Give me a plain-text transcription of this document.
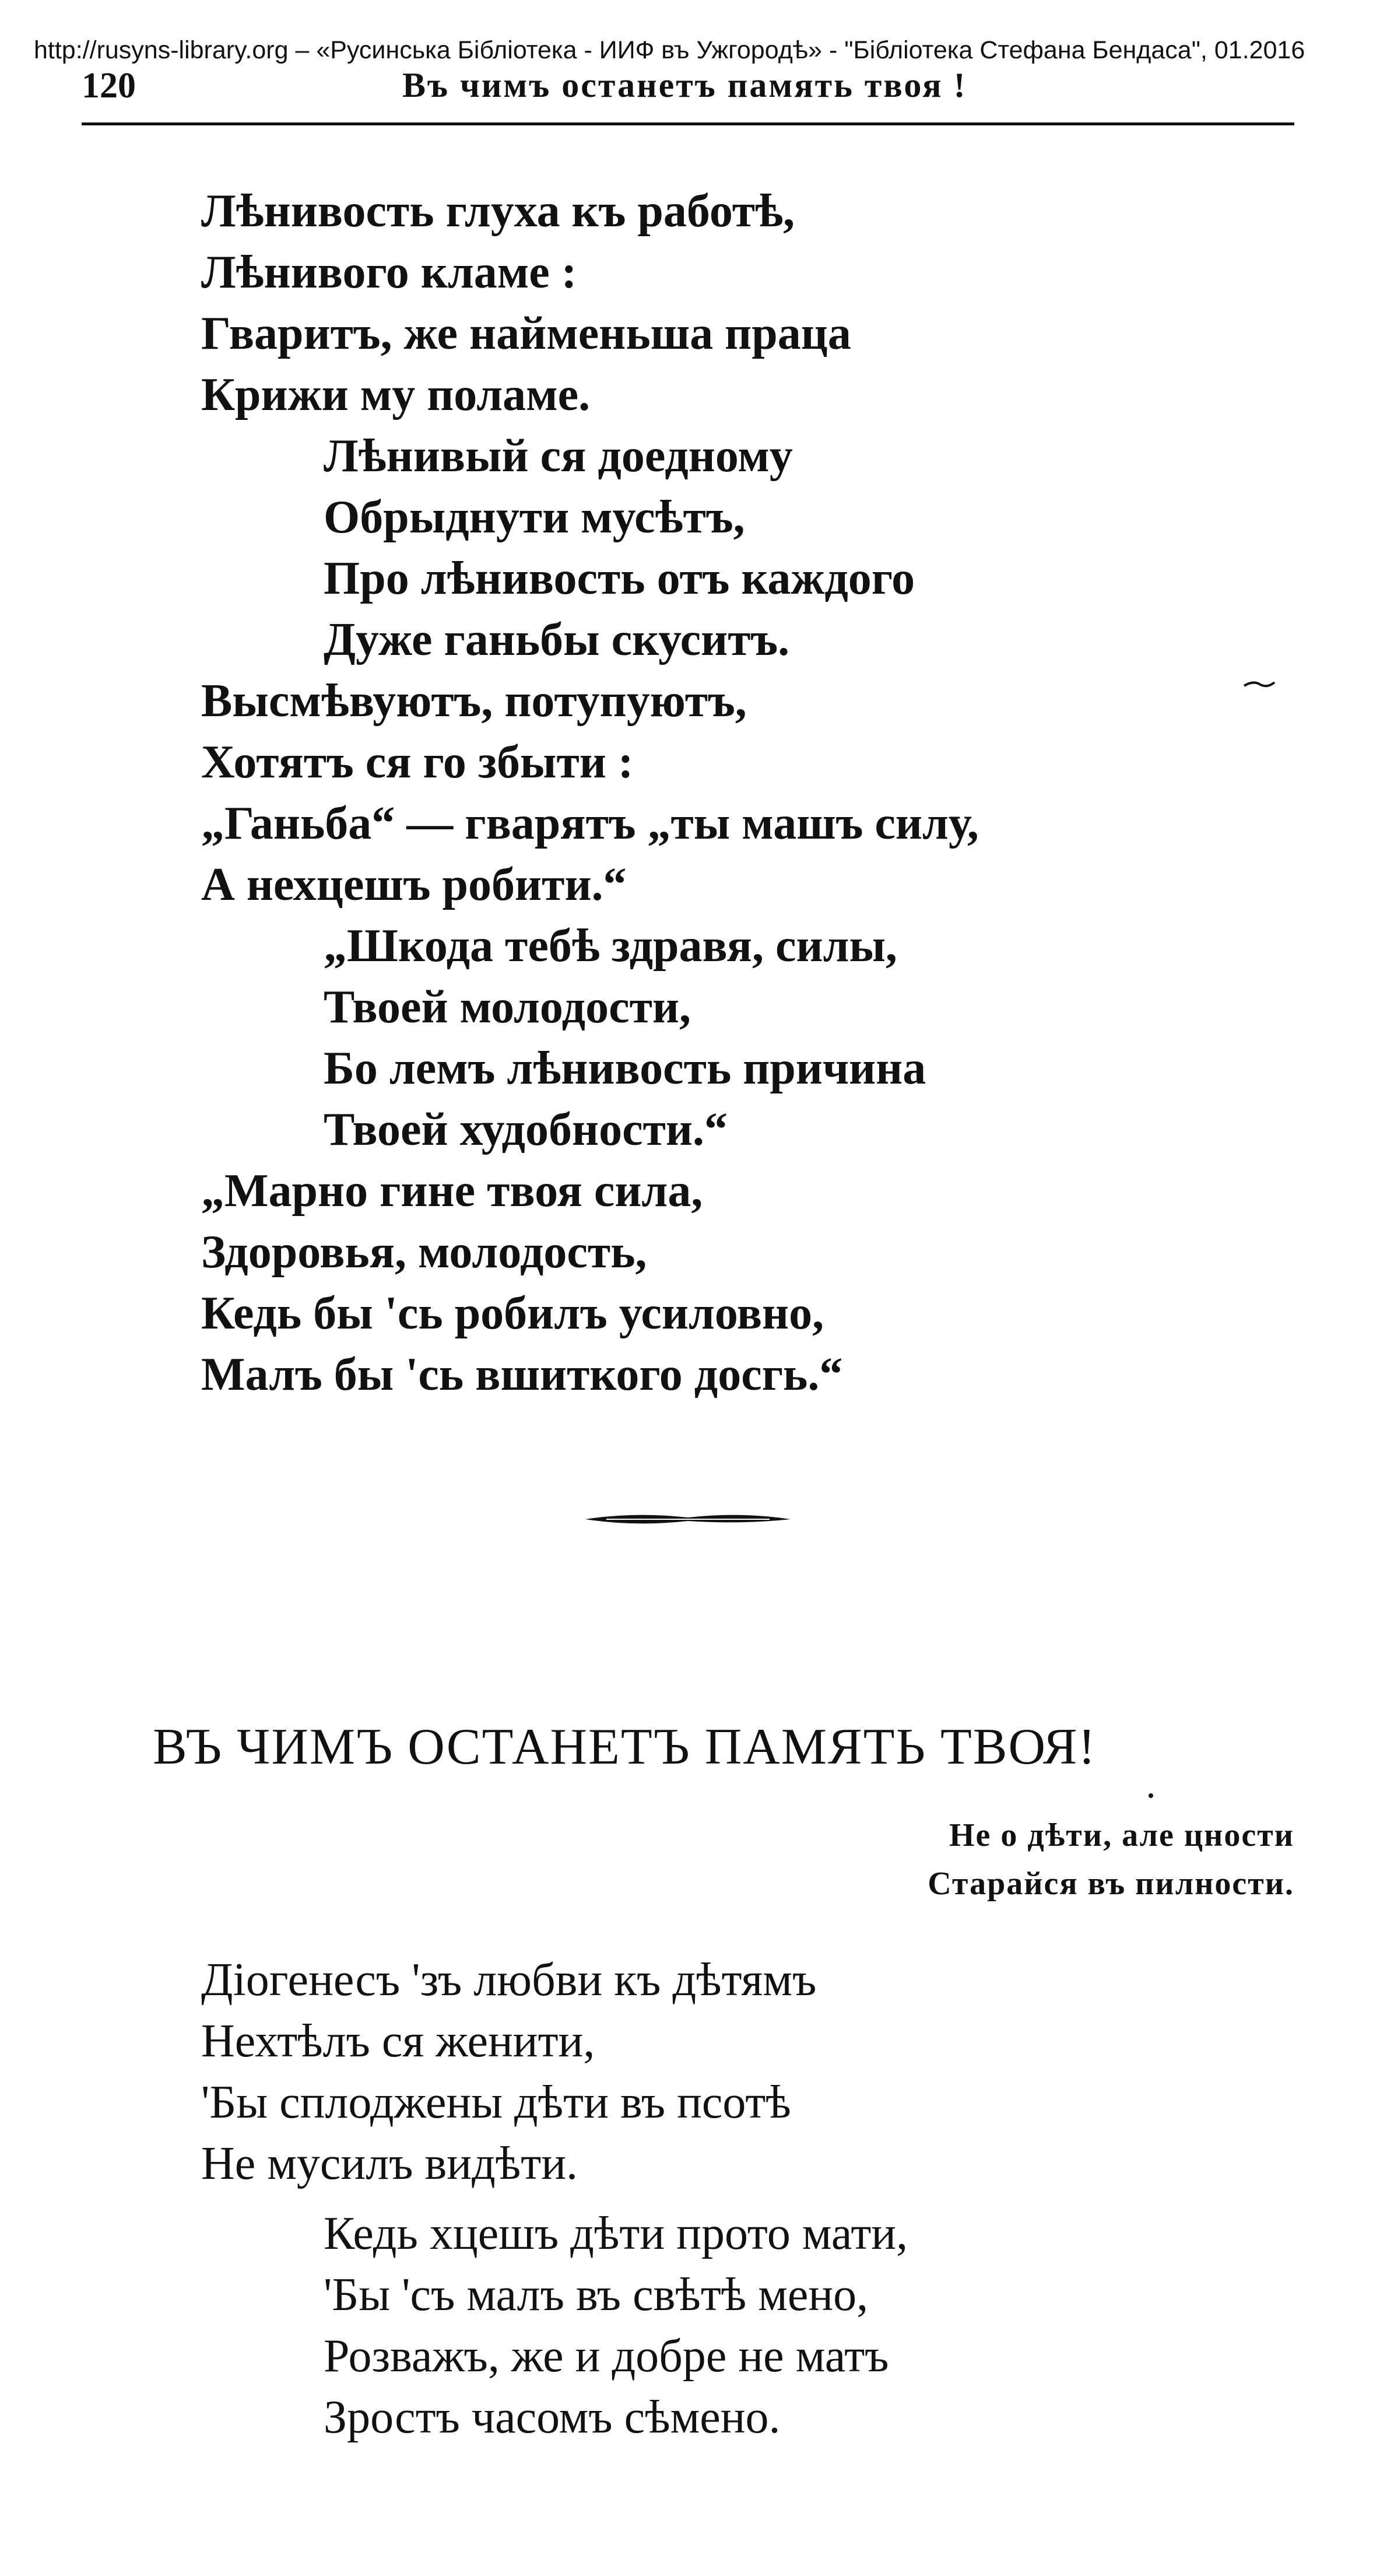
http://rusyns-library.org – «Русинська Бібліотека - ИИФ въ Ужгородѣ» - "Бібліотека Стефана Бендаса", 01.2016
120	Въ чимъ останетъ память твоя !
Лѣнивость глуха къ работѣ,
Лѣнивого кламе :
Гваритъ, же найменьша праца
Крижи му поламе.
Лѣнивый ся доедному
Обрыднути мусѣтъ,
Про лѣнивость отъ каждого
Дуже ганьбы скуситъ.
Высмѣвуютъ, потупуютъ,
Хотятъ ся го збыти :
„Ганьба“ — гварятъ „ты машъ силу,
А нехцешъ робити.“
„Шкода тебѣ здравя, силы,
Твоей молодости,
Бо лемъ лѣнивость причина
Твоей худобности.“
„Марно гине твоя сила,
Здоровья, молодость,
Кедь бы 'сь робилъ усиловно,
Малъ бы 'сь вшиткого досгь.“
ВЪ ЧИМЪ ОСТАНЕТЪ ПАМЯТЬ ТВОЯ!
Не о дѣти, але цности
Старайся въ пилности.
Діогенесъ 'зъ любви къ дѣтямъ
Нехтѣлъ ся женити,
'Бы сплоджены дѣти въ псотѣ
Не мусилъ видѣти.
Кедь хцешъ дѣти прото мати,
'Бы 'съ малъ въ свѣтѣ мено,
Розважъ, же и добре не матъ
Зростъ часомъ сѣмено.
